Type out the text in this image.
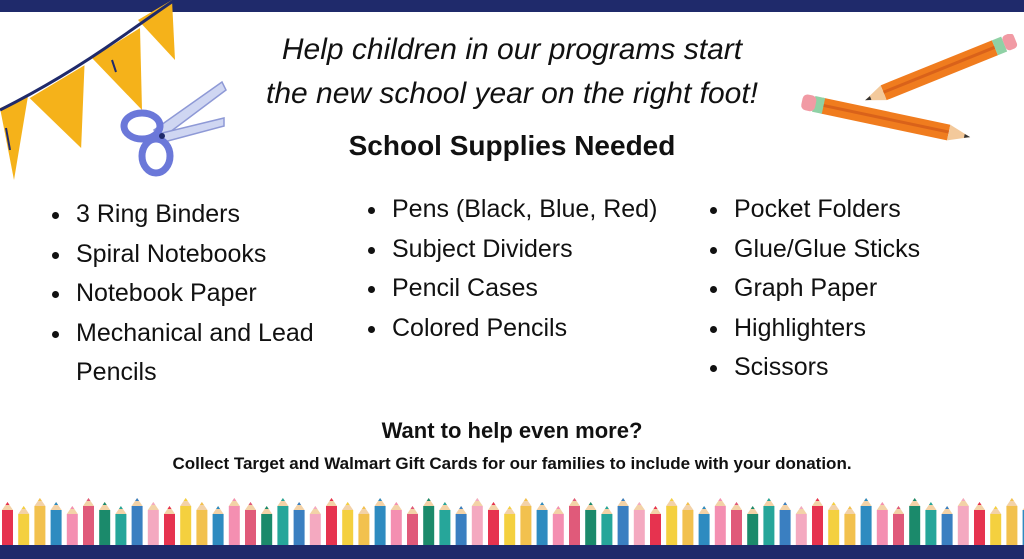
Help children in our programs start
the new school year on the right foot!
School Supplies Needed
3 Ring Binders
Spiral Notebooks
Notebook Paper
Mechanical and Lead Pencils
Pens (Black, Blue, Red)
Subject Dividers
Pencil Cases
Colored Pencils
Pocket Folders
Glue/Glue Sticks
Graph Paper
Highlighters
Scissors
Want to help even more?
Collect Target and Walmart Gift Cards for our families to include with your donation.
